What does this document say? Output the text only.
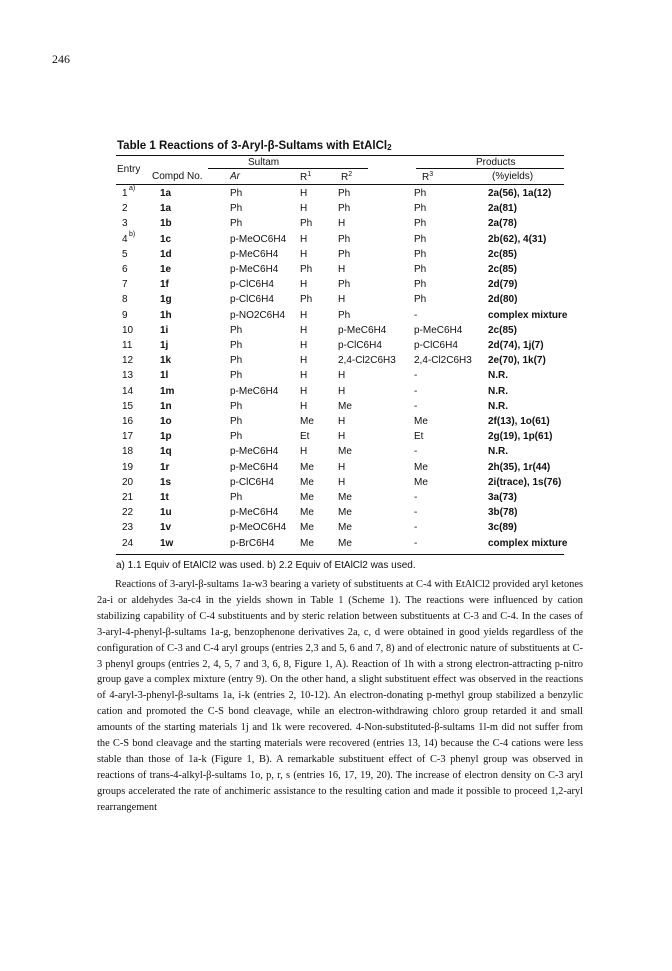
246
Table 1 Reactions of 3-Aryl-β-Sultams with EtAlCl$_2$
Sultam	Products
Entry
Compd No.	Ar	$R^1$	$R^2$	$R^3$	(%yields)
1 a) 1a	Ph	H	Ph	Ph	2a(56), 1a(12)
2	1a	Ph	H	Ph	Ph	2a(81)
3	1b	Ph	Ph	H	Ph	2a(78)
4 b) 1c	p-MeOC6H4 H	Ph	Ph	2b(62), 4(31)
5	1d	p-MeC6H4 H	Ph	Ph	2c(85)
6	1e	p-MeC6H4 Ph	H	Ph	2c(85)
7	1f	p-ClC6H4	H	Ph	Ph	2d(79)
8	1g	p-ClC6H4	Ph	H	Ph	2d(80)
9	1h	p-NO2C6H4 H	Ph	-	complex mixture
10	1i	Ph	H	p-MeC6H4	p-MeC6H4	2c(85)
11	1j	Ph	H	p-ClC6H4	p-ClC6H4	2d(74), 1j(7)
12	1k	Ph	H	2,4-Cl2C6H3 2,4-Cl2C6H3 2e(70), 1k(7)
13	1l	Ph	H	H	-	N.R.
14	1m	p-MeC6H4 H	H	-	N.R.
15	1n	Ph	H	Me	-	N.R.
16	1o	Ph	Me H	Me	2f(13), 1o(61)
17	1p	Ph	Et	H	Et	2g(19), 1p(61)
18	1q	p-MeC6H4 H	Me	-	N.R.
19	1r	p-MeC6H4 Me H	Me	2h(35), 1r(44)
20	1s	p-ClC6H4	Me H	Me	2i(trace), 1s(76)
21	1t	Ph	Me Me	-	3a(73)
22	1u	p-MeC6H4 Me Me	-	3b(78)
23	1v	p-MeOC6H4 Me Me	-	3c(89)
24	1w	p-BrC6H4	Me Me	-	complex mixture
a) 1.1 Equiv of EtAlCl2 was used. b) 2.2 Equiv of EtAlCl2 was used.

Reactions of 3-aryl-β-sultams 1a-w3 bearing a variety of substituents at C-4 with EtAlCl2 provided aryl ketones 2a-i or aldehydes 3a-c4 in the yields shown in Table 1 (Scheme 1). The reactions were influenced by cation stabilizing capability of C-4 substituents and by steric relation between substituents at C-3 and C-4. In the cases of 3-aryl-4-phenyl-β-sultams 1a-g, benzophenone derivatives 2a, c, d were obtained in good yields regardless of the configuration of C-3 and C-4 aryl groups (entries 2,3 and 5, 6 and 7, 8) and of electronic nature of substituents at C-3 phenyl groups (entries 2, 4, 5, 7 and 3, 6, 8, Figure 1, A). Reaction of 1h with a strong electron-attracting p-nitro group gave a complex mixture (entry 9). On the other hand, a slight substituent effect was observed in the reactions of 4-aryl-3-phenyl-β-sultams 1a, i-k (entries 2, 10-12). An electron-donating p-methyl group stabilized a benzylic cation and promoted the C-S bond cleavage, while an electron-withdrawing chloro group retarded it and small amounts of the starting materials 1j and 1k were recovered. 4-Non-substituted-β-sultams 1l-m did not suffer from the C-S bond cleavage and the starting materials were recovered (entries 13, 14) because the C-4 cations were less stable than those of 1a-k (Figure 1, B). A remarkable substituent effect of C-3 phenyl group was observed in reactions of trans-4-alkyl-β-sultams 1o, p, r, s (entries 16, 17, 19, 20). The increase of electron density on C-3 aryl groups accelerated the rate of anchimeric assistance to the resulting cation and made it possible to proceed 1,2-aryl rearrangement
